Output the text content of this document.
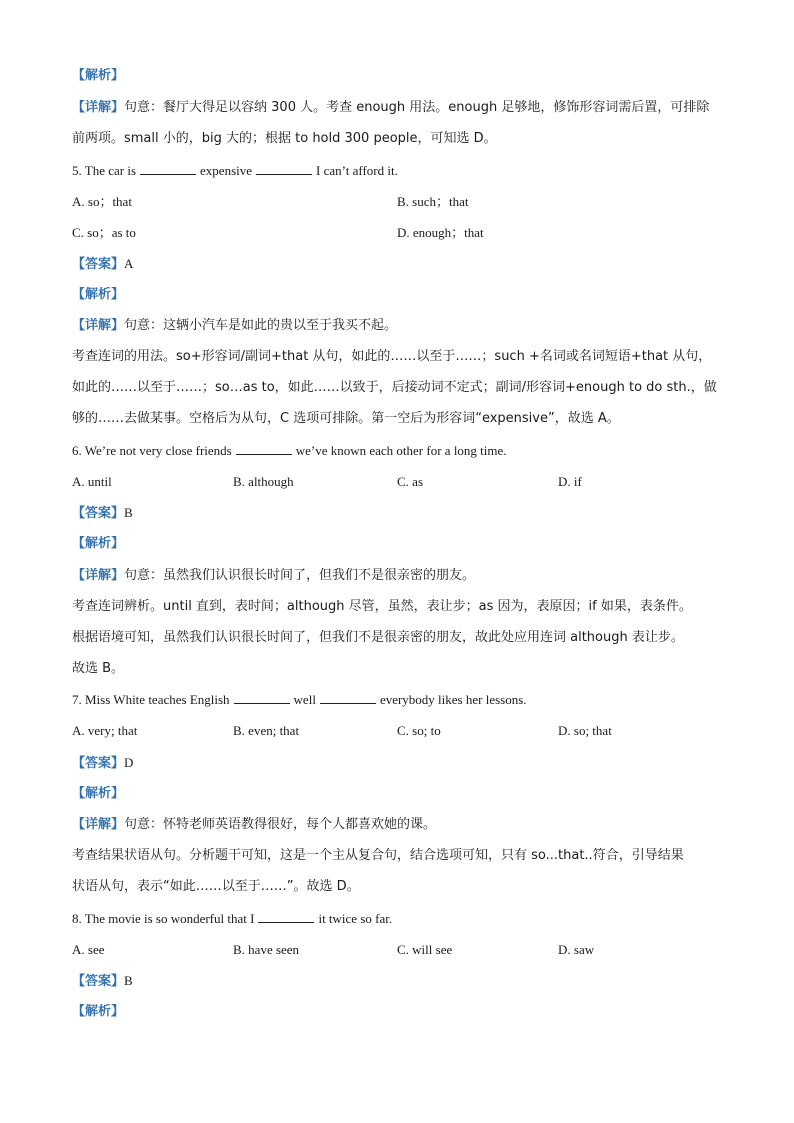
【解析】
【详解】句意：餐厅大得足以容纳 300 人。考查 enough 用法。enough 足够地，修饰形容词需后置，可排除
前两项。small 小的，big 大的；根据 to hold 300 people，可知选 D。
5. The car is	expensive	I can’t afford it.
A. so；that	B. such；that
C. so；as to	D. enough；that
【答案】A
【解析】
【详解】句意：这辆小汽车是如此的贵以至于我买不起。
考查连词的用法。so+形容词/副词+that 从句，如此的……以至于……；such +名词或名词短语+that 从句，
如此的……以至于……；so…as to，如此……以致于，后接动词不定式；副词/形容词+enough to do sth.，做
够的……去做某事。空格后为从句，C 选项可排除。第一空后为形容词“expensive”，故选 A。
6. We’re not very close friends	we’ve known each other for a long time.
A. until	B. although	C. as	D. if
【答案】B
【解析】
【详解】句意：虽然我们认识很长时间了，但我们不是很亲密的朋友。
考查连词辨析。until 直到，表时间；although 尽管，虽然，表让步；as 因为，表原因；if 如果，表条件。
根据语境可知，虽然我们认识很长时间了，但我们不是很亲密的朋友，故此处应用连词 although 表让步。
故选 B。
7. Miss White teaches English	well	everybody likes her lessons.
A. very; that	B. even; that	C. so; to	D. so; that
【答案】D
【解析】
【详解】句意：怀特老师英语教得很好，每个人都喜欢她的课。
考查结果状语从句。分析题干可知，这是一个主从复合句，结合选项可知，只有 so...that..符合，引导结果
状语从句，表示“如此……以至于……”。故选 D。
8. The movie is so wonderful that I	it twice so far.
A. see	B. have seen	C. will see	D. saw
【答案】B
【解析】
